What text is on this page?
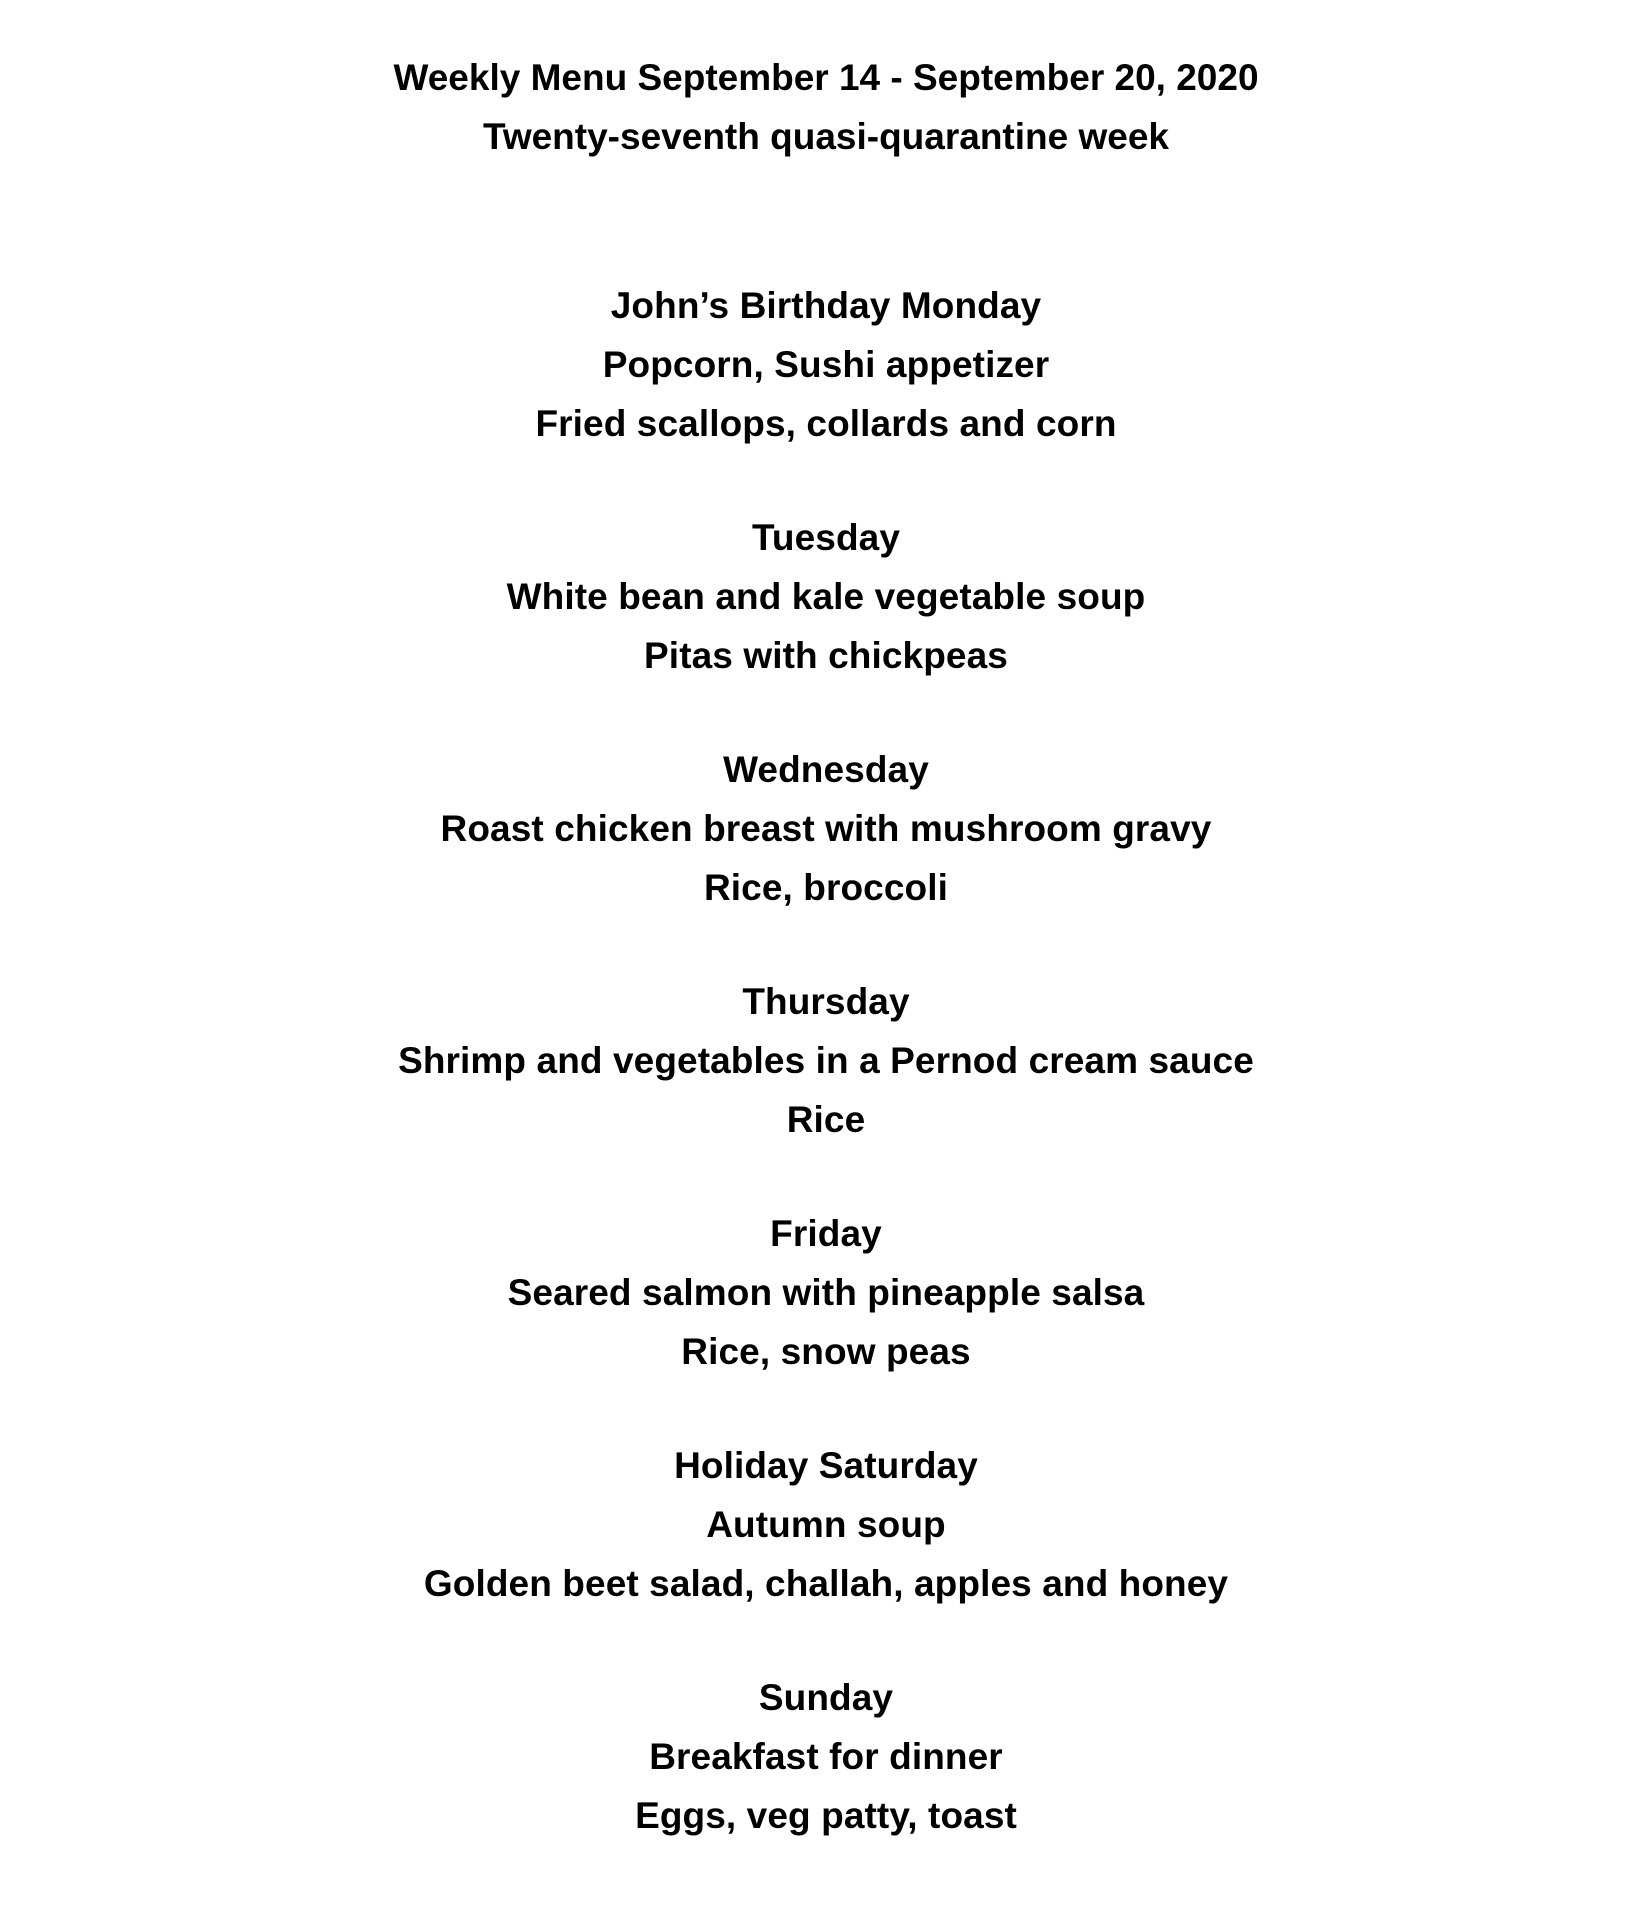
Weekly Menu September 14 - September 20, 2020
Twenty-seventh quasi-quarantine week
John’s Birthday Monday
Popcorn, Sushi appetizer
Fried scallops, collards and corn
Tuesday
White bean and kale vegetable soup
Pitas with chickpeas
Wednesday
Roast chicken breast with mushroom gravy
Rice, broccoli
Thursday
Shrimp and vegetables in a Pernod cream sauce
Rice
Friday
Seared salmon with pineapple salsa
Rice, snow peas
Holiday Saturday
Autumn soup
Golden beet salad, challah, apples and honey
Sunday
Breakfast for dinner
Eggs, veg patty, toast
